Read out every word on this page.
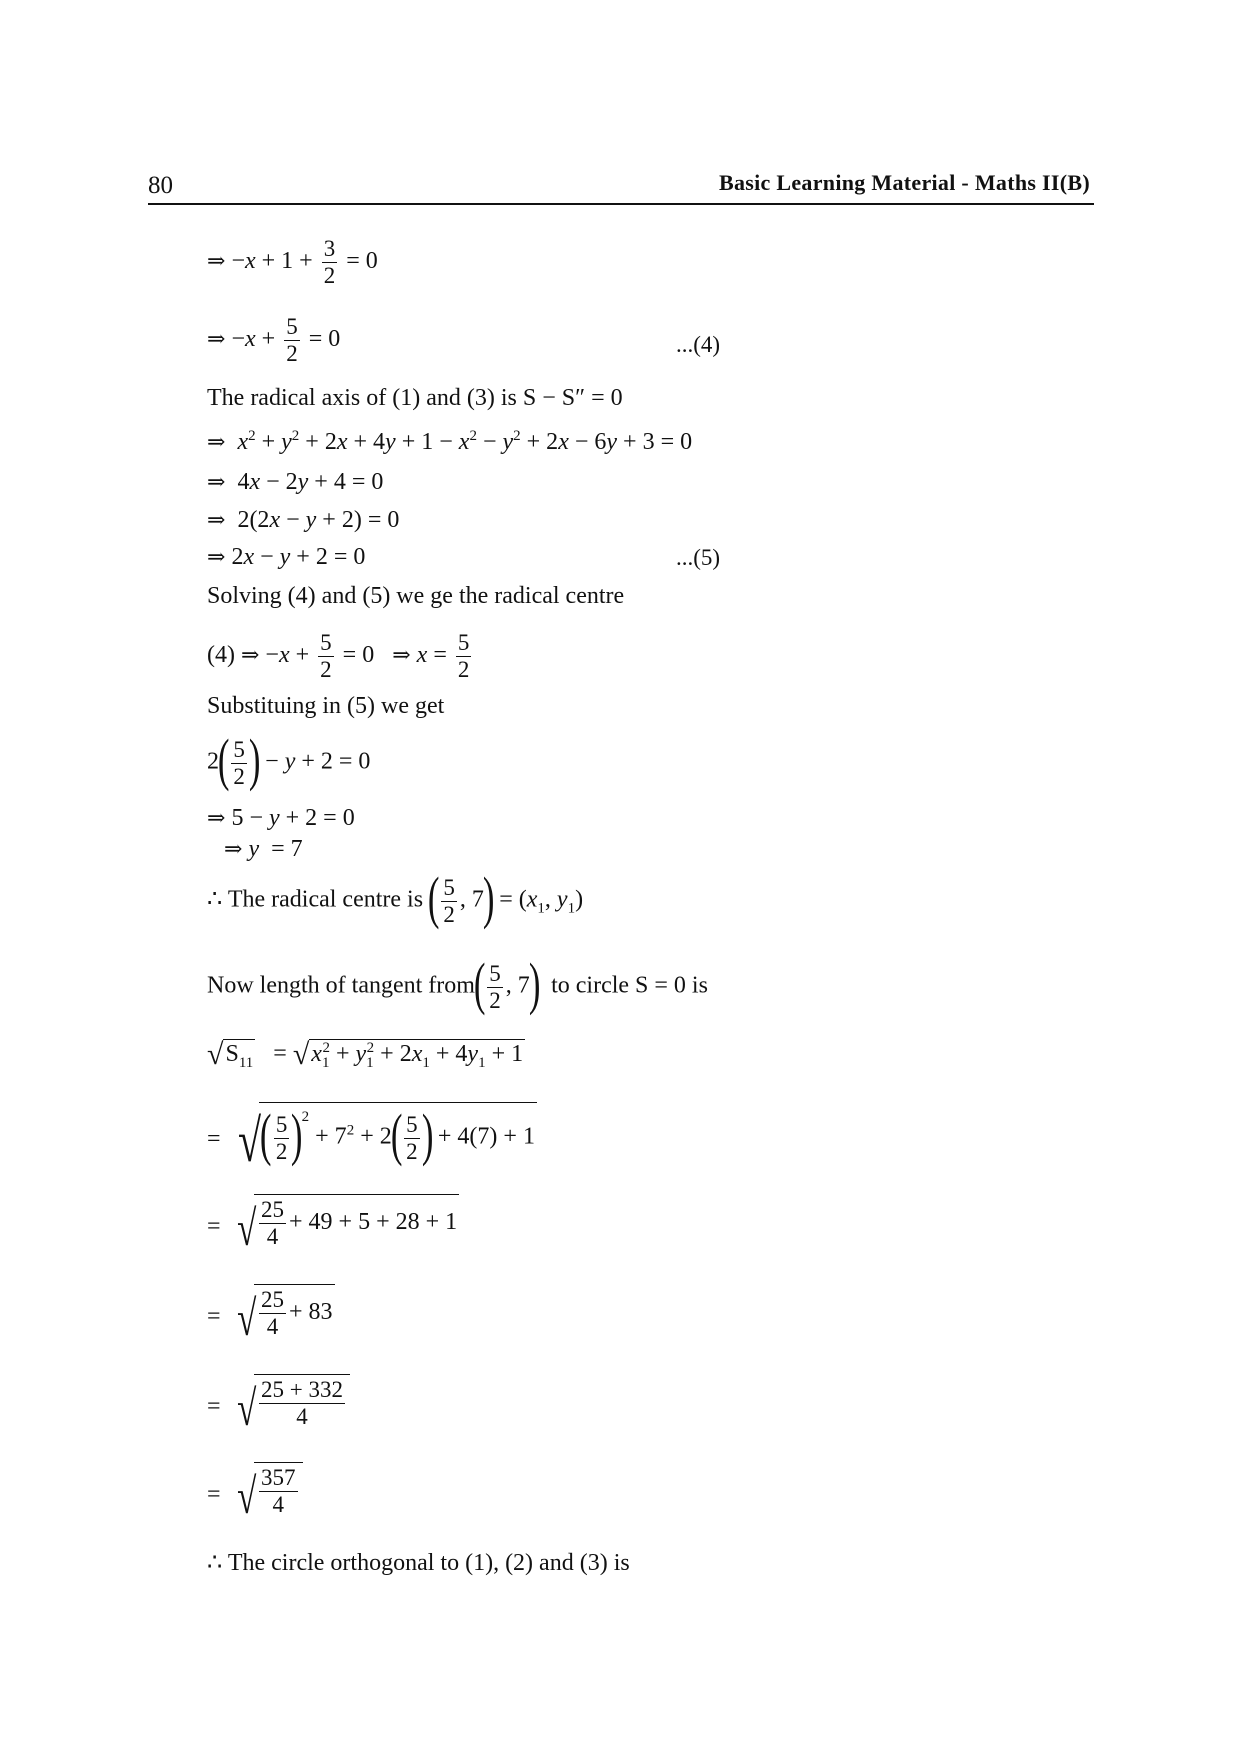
80	Basic Learning Material - Maths II(B)
⇒ $-x + 1 + \frac{3}{2} = 0$
⇒ $-x + \frac{5}{2} = 0$	...(4)
The radical axis of (1) and (3) is S − S″ = 0
⇒ $x^2 + y^2 + 2x + 4y + 1 - x^2 - y^2 + 2x - 6y + 3 = 0$
⇒  4x − 2y + 4 = 0
⇒  2(2x − y + 2) = 0
⇒ 2x − y + 2 = 0	...(5)
Solving (4) and (5) we ge the radical centre
(4) ⇒ $-x + \frac{5}{2} = 0$   ⇒ $x = \frac{5}{2}$
Substituing in (5) we get
$2( \frac{5}{2}$ ) − y + 2 = 0
⇒ 5 − y + 2 = 0
⇒ y  = 7
∴ The radical centre is ( $\frac{5}{2}$ , $7) = (x_1$, $y_1$)
Now length of tangent from( $\frac{5}{2}$ , 7) to circle S = 0 is
$√S_{11} = √x_1^2 + y_1^2 + 2x_1 + 4y_1 + 1$
=  √( $\frac{5}{2} )^2 + 7^2 + 2( \frac{5}{2}$ ) + 4(7) + 1
=  √ $\frac{25}{4} + 49 + 5 + 28 + 1$
=  √ $\frac{25}{4} + 83$
=  √ $\frac{25 + 332}{4}$
=  √ $\frac{357}{4}$
∴ The circle orthogonal to (1), (2) and (3) is
